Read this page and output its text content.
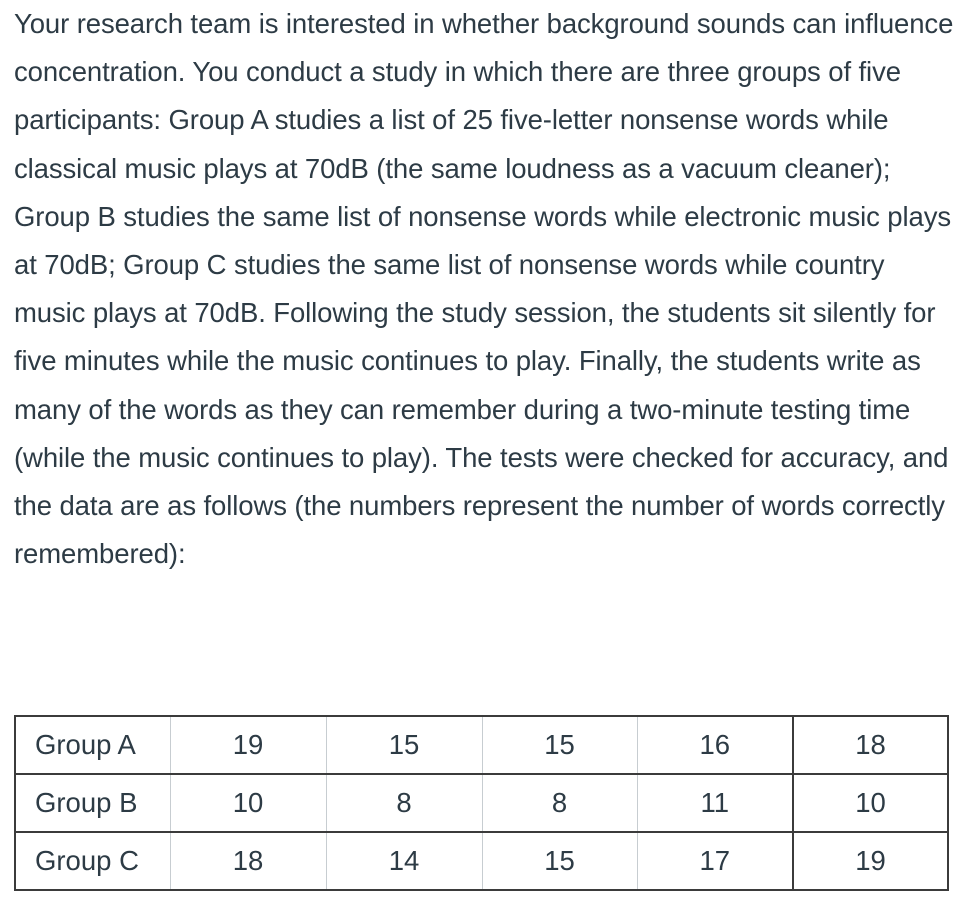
Your research team is interested in whether background sounds can influence concentration. You conduct a study in which there are three groups of five participants: Group A studies a list of 25 five-letter nonsense words while classical music plays at 70dB (the same loudness as a vacuum cleaner); Group B studies the same list of nonsense words while electronic music plays at 70dB; Group C studies the same list of nonsense words while country music plays at 70dB. Following the study session, the students sit silently for five minutes while the music continues to play. Finally, the students write as many of the words as they can remember during a two-minute testing time (while the music continues to play). The tests were checked for accuracy, and the data are as follows (the numbers represent the number of words correctly remembered):

Group A	19	15	15	16	18
Group B	10	8	8	11	10
Group C	18	14	15	17	19
